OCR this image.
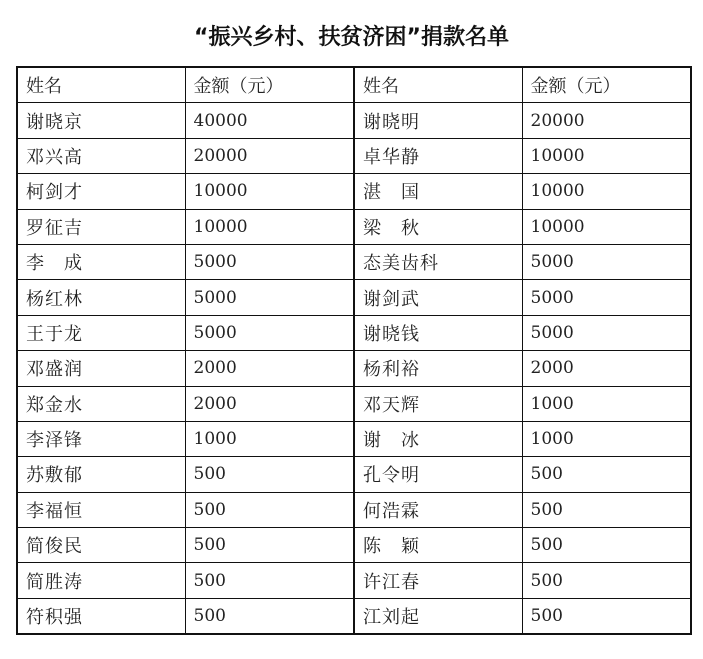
“振兴乡村、扶贫济困”捐款名单
姓名	金额（元）	姓名	金额（元）
谢晓京	40000	谢晓明	20000
邓兴高	20000	卓华静	10000
柯剑才	10000	湛　国	10000
罗征吉	10000	梁　秋	10000
李　成	5000	态美齿科	5000
杨红林	5000	谢剑武	5000
王于龙	5000	谢晓钱	5000
邓盛润	2000	杨利裕	2000
郑金水	2000	邓天辉	1000
李泽锋	1000	谢　冰	1000
苏敷郁	500	孔令明	500
李福恒	500	何浩霖	500
简俊民	500	陈　颖	500
简胜涛	500	许江春	500
符积强	500	江刘起	500
